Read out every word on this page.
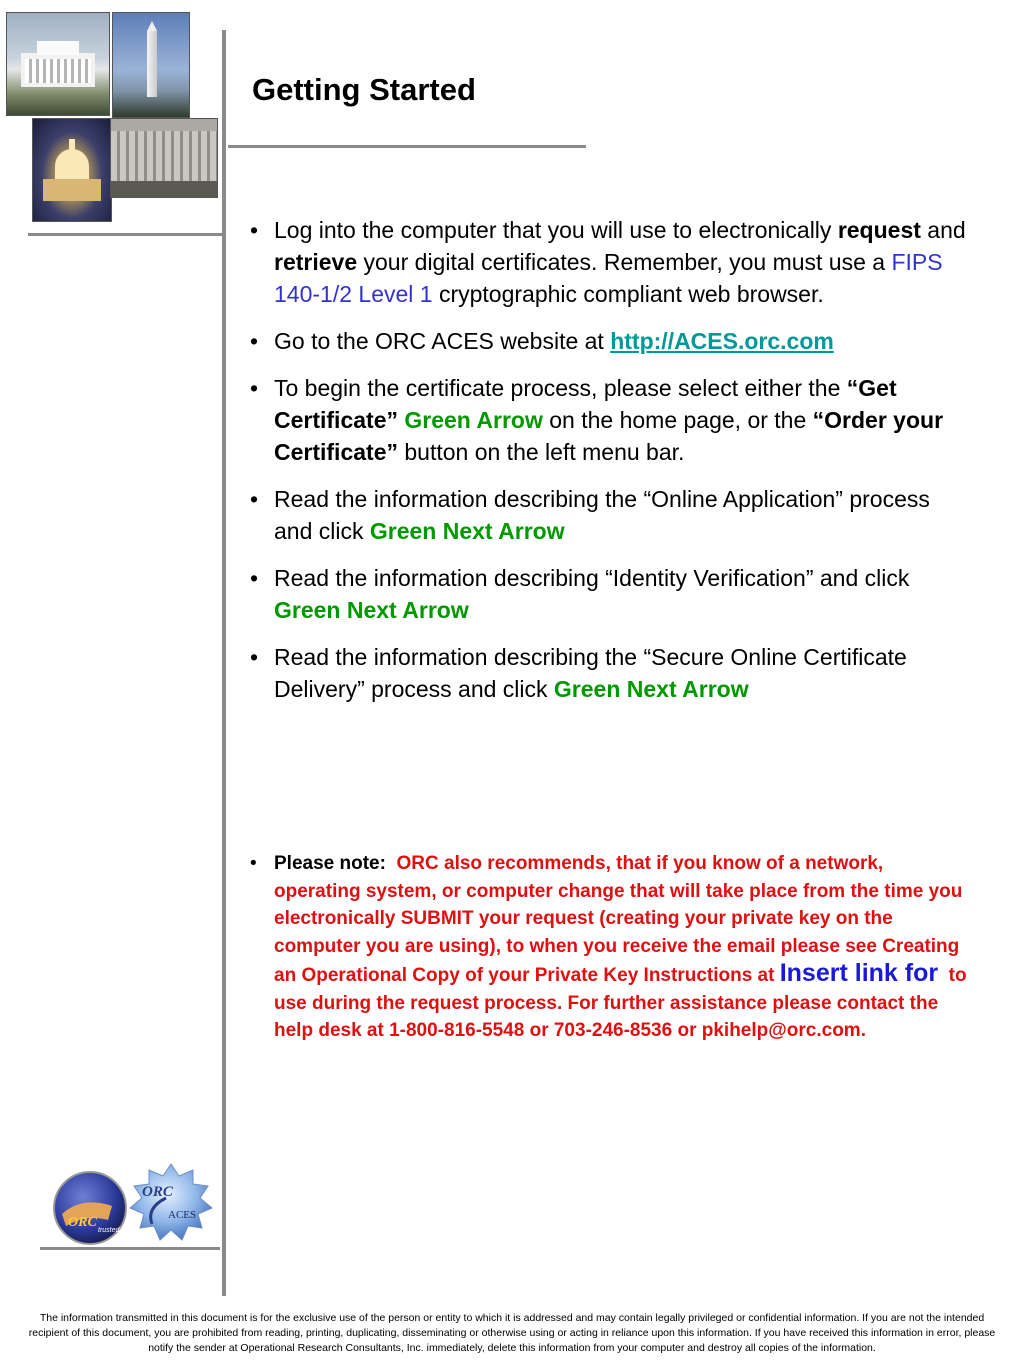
Getting Started
• Log into the computer that you will use to electronically request and retrieve your digital certificates. Remember, you must use a FIPS 140-1/2 Level 1 cryptographic compliant web browser.
• Go to the ORC ACES website at http://ACES.orc.com
• To begin the certificate process, please select either the “Get Certificate” Green Arrow on the home page, or the “Order your Certificate” button on the left menu bar.
• Read the information describing the “Online Application” process and click Green Next Arrow
• Read the information describing “Identity Verification” and click Green Next Arrow
• Read the information describing the “Secure Online Certificate Delivery” process and click Green Next Arrow
• Please note: ORC also recommends, that if you know of a network, operating system, or computer change that will take place from the time you electronically SUBMIT your request (creating your private key on the computer you are using), to when you receive the email please see Creating an Operational Copy of your Private Key Instructions at Insert link for to use during the request process. For further assistance please contact the help desk at 1-800-816-5548 or 703-246-8536 or pkihelp@orc.com.
ORC
trusted
ORC
ACES

The information transmitted in this document is for the exclusive use of the person or entity to which it is addressed and may contain legally privileged or confidential information. If you are not the intended recipient of this document, you are prohibited from reading, printing, duplicating, disseminating or otherwise using or acting in reliance upon this information. If you have received this information in error, please notify the sender at Operational Research Consultants, Inc. immediately, delete this information from your computer and destroy all copies of the information.
